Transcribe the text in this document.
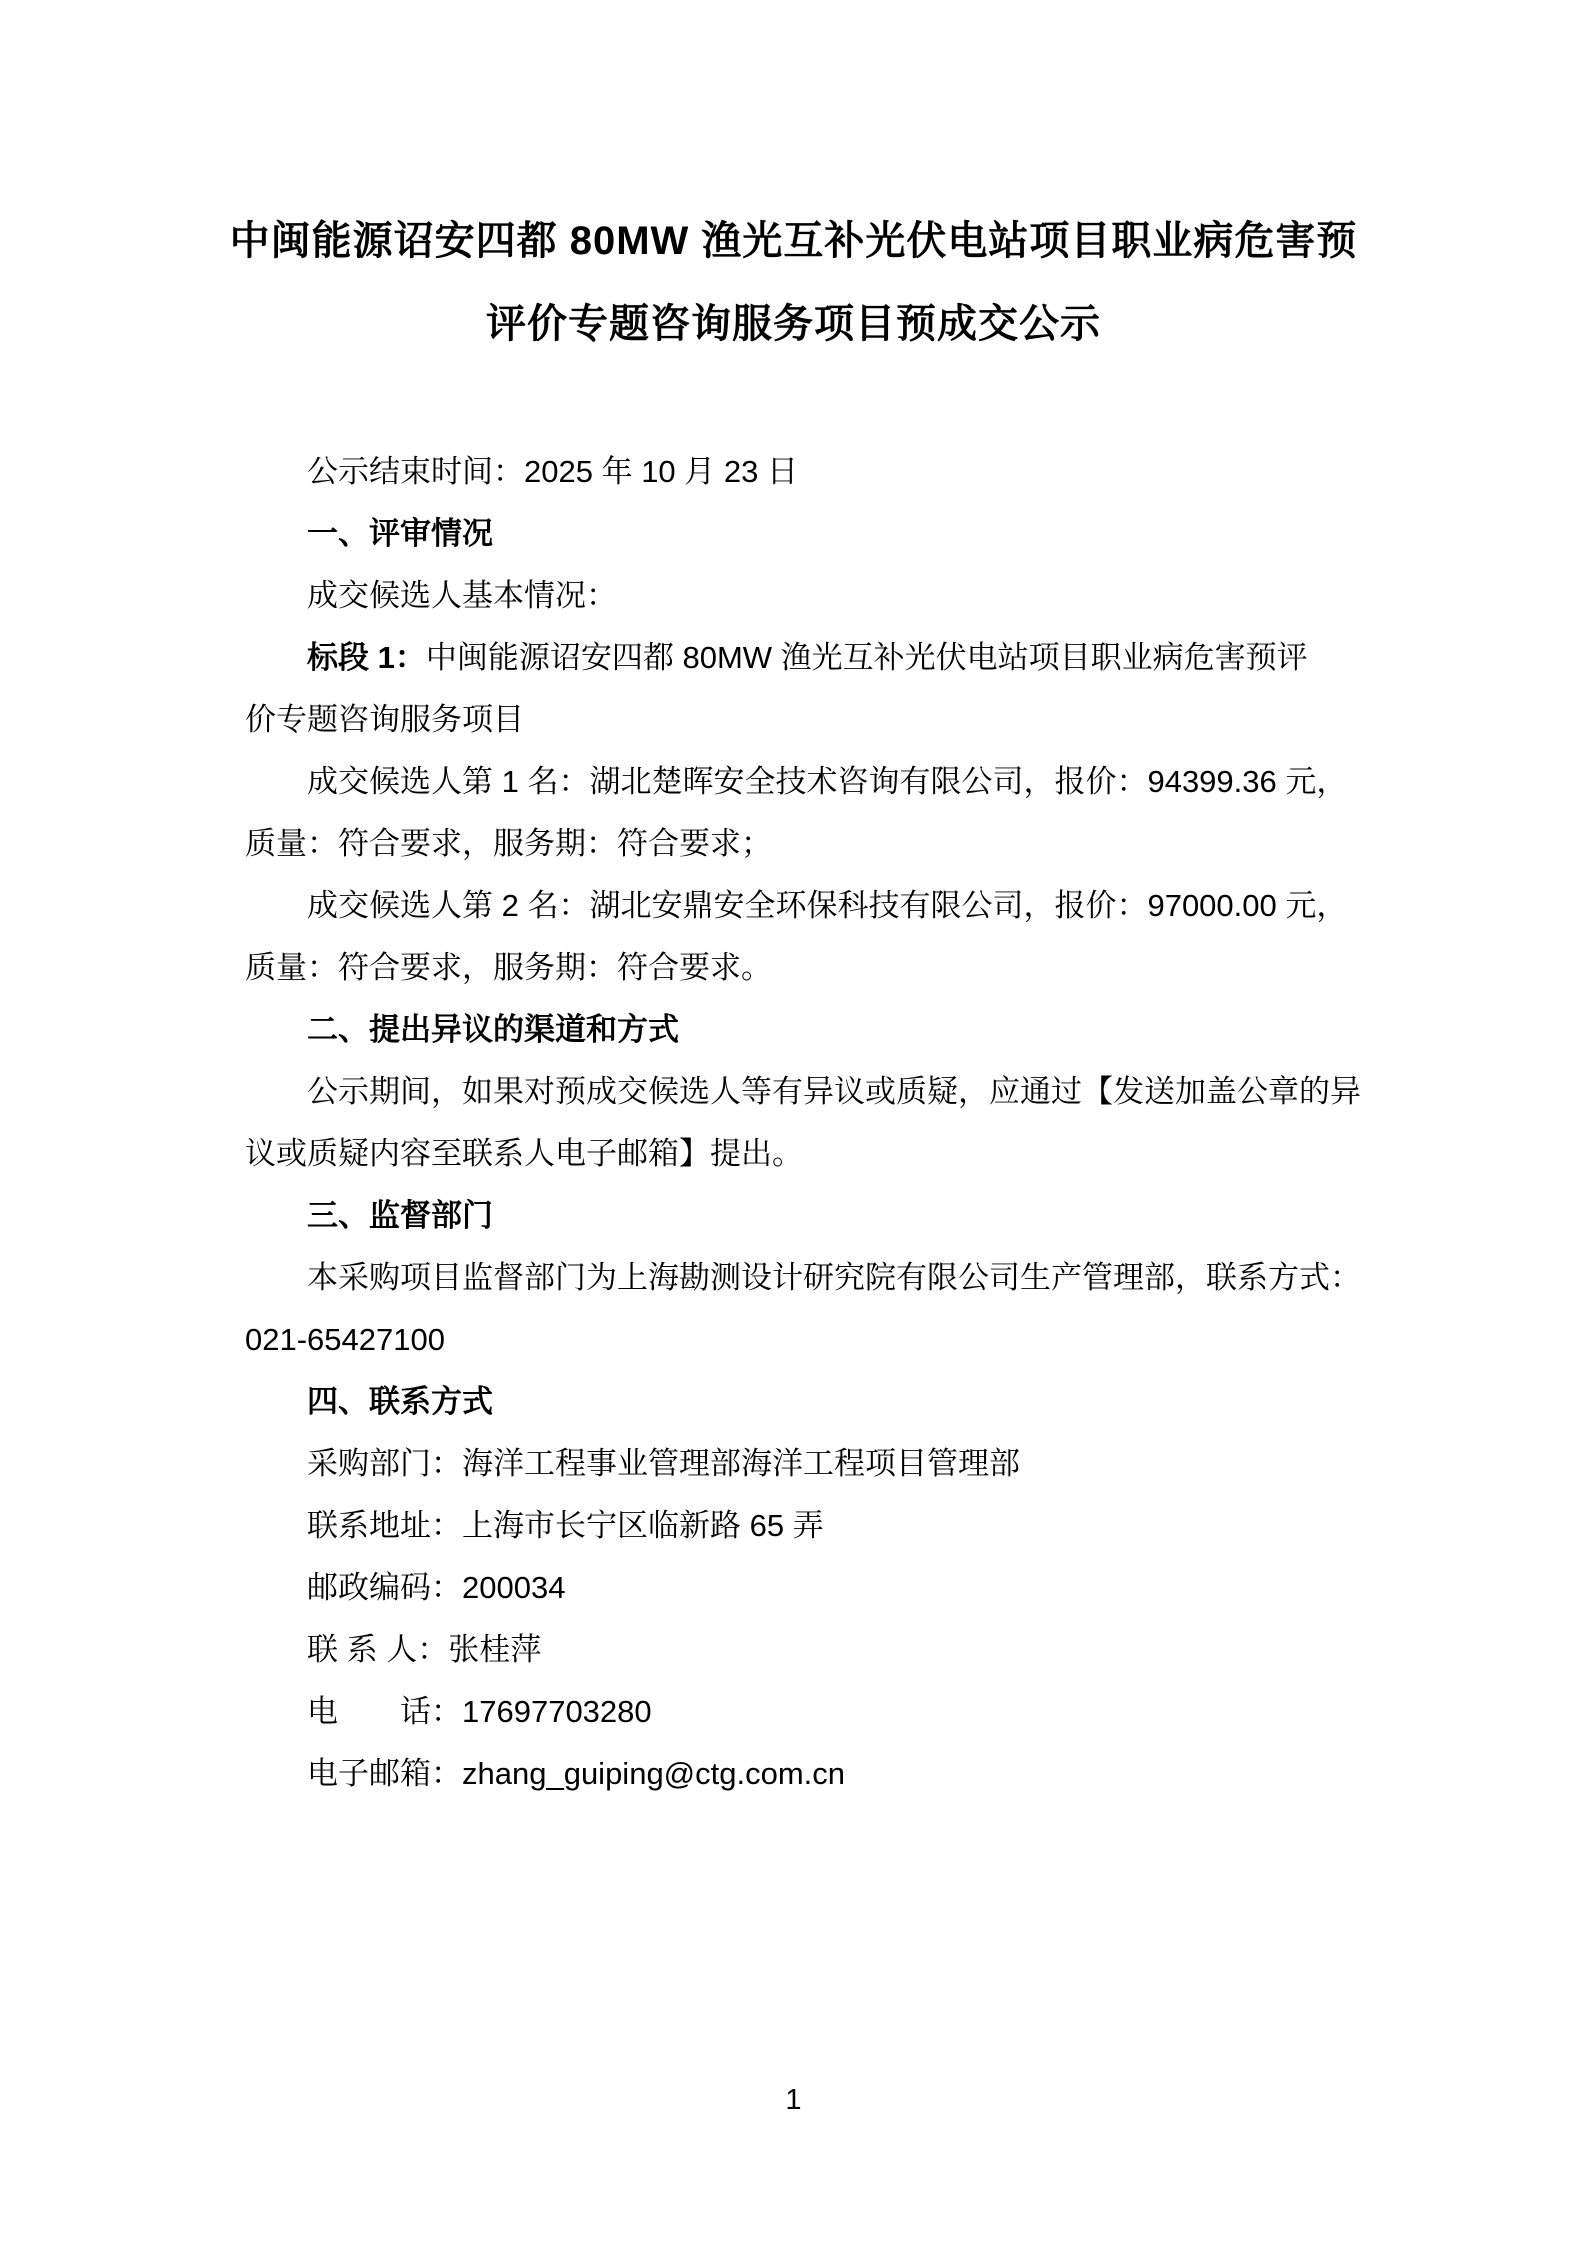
中闽能源诏安四都 80MW 渔光互补光伏电站项目职业病危害预
评价专题咨询服务项目预成交公示
公示结束时间：2025 年 10 月 23 日
一、评审情况
成交候选人基本情况：
标段 1：中闽能源诏安四都 80MW 渔光互补光伏电站项目职业病危害预评
价专题咨询服务项目
成交候选人第 1 名：湖北楚晖安全技术咨询有限公司，报价：94399.36 元，
质量：符合要求，服务期：符合要求；
成交候选人第 2 名：湖北安鼎安全环保科技有限公司，报价：97000.00 元，
质量：符合要求，服务期：符合要求。
二、提出异议的渠道和方式
公示期间，如果对预成交候选人等有异议或质疑，应通过【发送加盖公章的异
议或质疑内容至联系人电子邮箱】提出。
三、监督部门
本采购项目监督部门为上海勘测设计研究院有限公司生产管理部，联系方式：
021-65427100
四、联系方式
采购部门：海洋工程事业管理部海洋工程项目管理部
联系地址：上海市长宁区临新路 65 弄
邮政编码：200034
联 系 人：张桂萍
电　　话：17697703280
电子邮箱：zhang_guiping@ctg.com.cn
1
